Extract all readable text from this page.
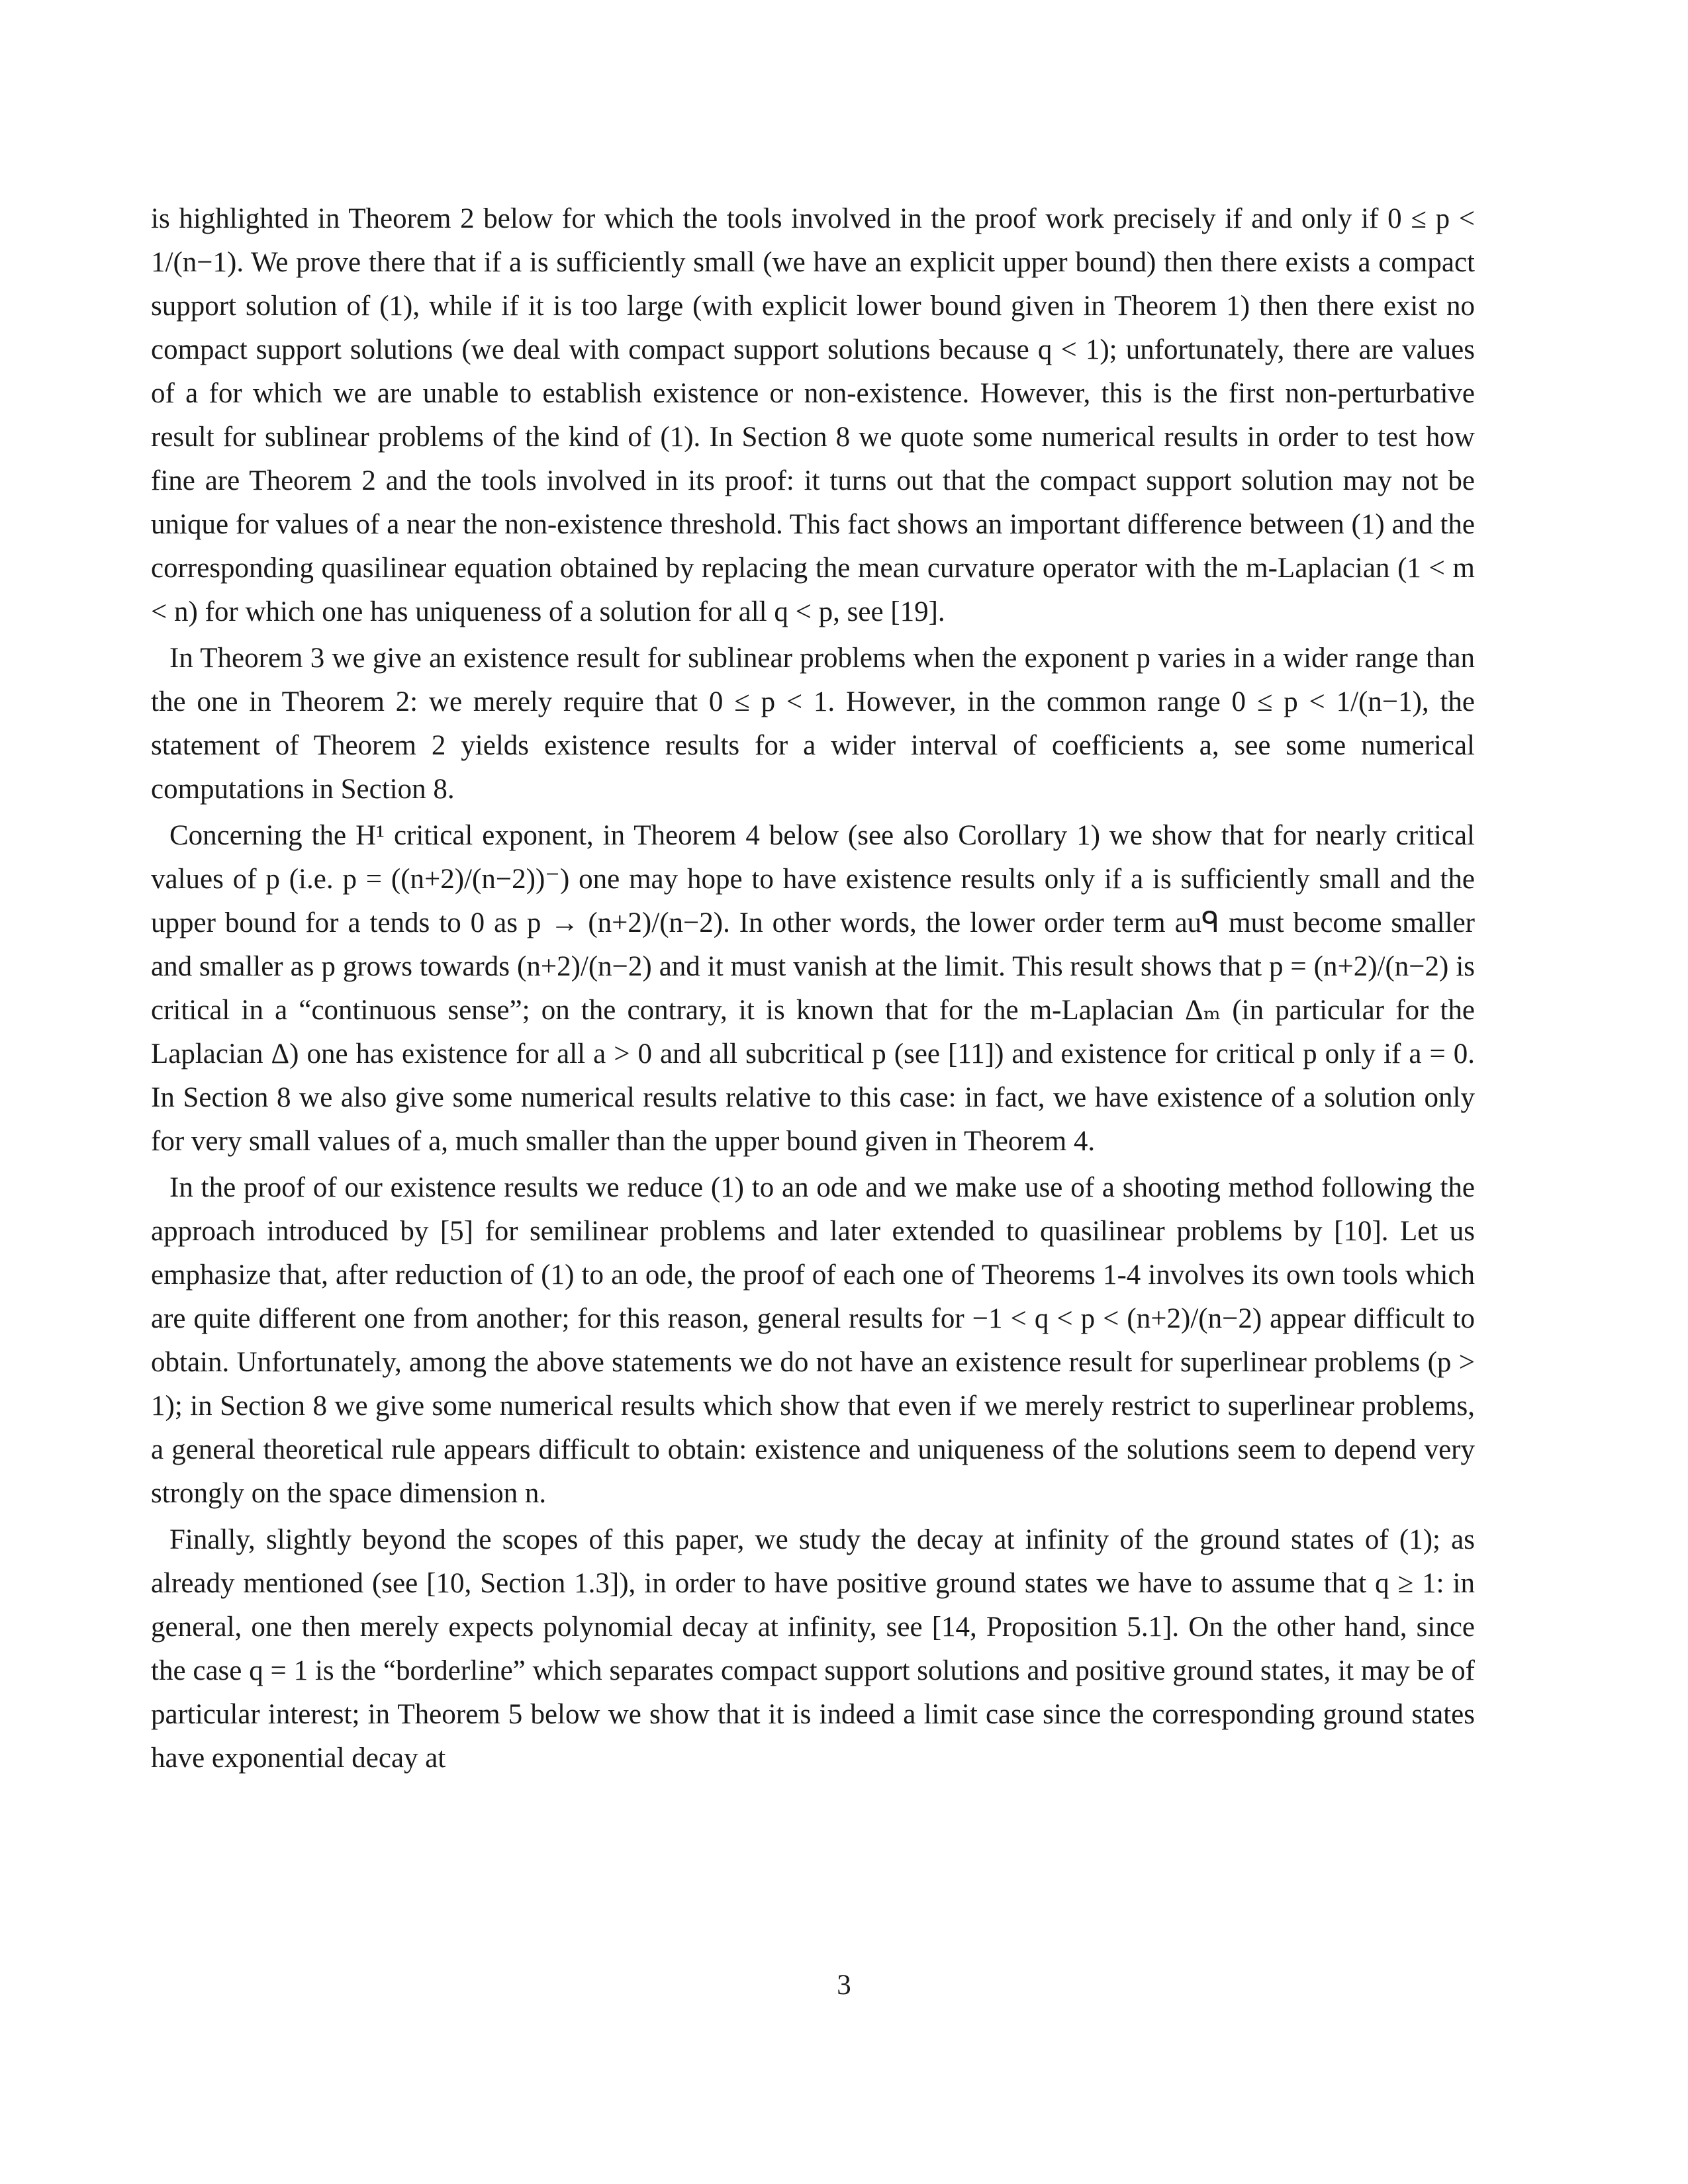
is highlighted in Theorem 2 below for which the tools involved in the proof work precisely if and only if 0 ≤ p < 1/(n−1). We prove there that if a is sufficiently small (we have an explicit upper bound) then there exists a compact support solution of (1), while if it is too large (with explicit lower bound given in Theorem 1) then there exist no compact support solutions (we deal with compact support solutions because q < 1); unfortunately, there are values of a for which we are unable to establish existence or non-existence. However, this is the first non-perturbative result for sublinear problems of the kind of (1). In Section 8 we quote some numerical results in order to test how fine are Theorem 2 and the tools involved in its proof: it turns out that the compact support solution may not be unique for values of a near the non-existence threshold. This fact shows an important difference between (1) and the corresponding quasilinear equation obtained by replacing the mean curvature operator with the m-Laplacian (1 < m < n) for which one has uniqueness of a solution for all q < p, see [19].

In Theorem 3 we give an existence result for sublinear problems when the exponent p varies in a wider range than the one in Theorem 2: we merely require that 0 ≤ p < 1. However, in the common range 0 ≤ p < 1/(n−1), the statement of Theorem 2 yields existence results for a wider interval of coefficients a, see some numerical computations in Section 8.

Concerning the H¹ critical exponent, in Theorem 4 below (see also Corollary 1) we show that for nearly critical values of p (i.e. p = ((n+2)/(n−2))⁻) one may hope to have existence results only if a is sufficiently small and the upper bound for a tends to 0 as p → (n+2)/(n−2). In other words, the lower order term auᑫ must become smaller and smaller as p grows towards (n+2)/(n−2) and it must vanish at the limit. This result shows that p = (n+2)/(n−2) is critical in a “continuous sense”; on the contrary, it is known that for the m-Laplacian Δₘ (in particular for the Laplacian Δ) one has existence for all a > 0 and all subcritical p (see [11]) and existence for critical p only if a = 0. In Section 8 we also give some numerical results relative to this case: in fact, we have existence of a solution only for very small values of a, much smaller than the upper bound given in Theorem 4.

In the proof of our existence results we reduce (1) to an ode and we make use of a shooting method following the approach introduced by [5] for semilinear problems and later extended to quasilinear problems by [10]. Let us emphasize that, after reduction of (1) to an ode, the proof of each one of Theorems 1-4 involves its own tools which are quite different one from another; for this reason, general results for −1 < q < p < (n+2)/(n−2) appear difficult to obtain. Unfortunately, among the above statements we do not have an existence result for superlinear problems (p > 1); in Section 8 we give some numerical results which show that even if we merely restrict to superlinear problems, a general theoretical rule appears difficult to obtain: existence and uniqueness of the solutions seem to depend very strongly on the space dimension n.

Finally, slightly beyond the scopes of this paper, we study the decay at infinity of the ground states of (1); as already mentioned (see [10, Section 1.3]), in order to have positive ground states we have to assume that q ≥ 1: in general, one then merely expects polynomial decay at infinity, see [14, Proposition 5.1]. On the other hand, since the case q = 1 is the “borderline” which separates compact support solutions and positive ground states, it may be of particular interest; in Theorem 5 below we show that it is indeed a limit case since the corresponding ground states have exponential decay at

3
